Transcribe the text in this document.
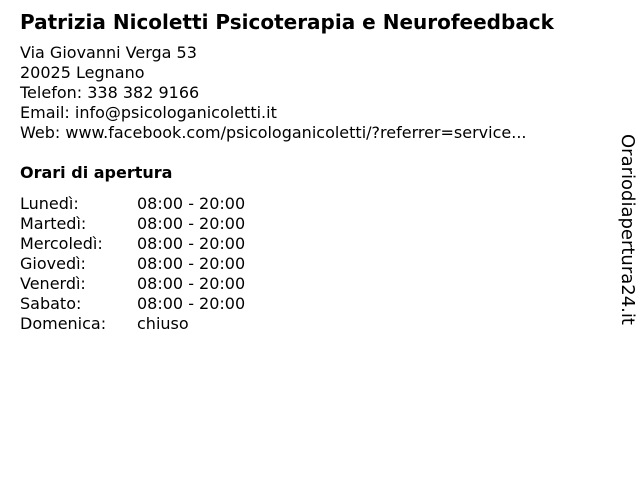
Patrizia Nicoletti Psicoterapia e Neurofeedback
Via Giovanni Verga 53
20025 Legnano
Telefon: 338 382 9166
Email: info@psicologanicoletti.it
Web: www.facebook.com/psicologanicoletti/?referrer=service...
Orari di apertura
Lunedì:	08:00 - 20:00
Martedì:	08:00 - 20:00
Mercoledì: 08:00 - 20:00
Giovedì:	08:00 - 20:00
Venerdì:	08:00 - 20:00
Sabato:	08:00 - 20:00
Domenica: chiuso	Orariodiapertura24.it
